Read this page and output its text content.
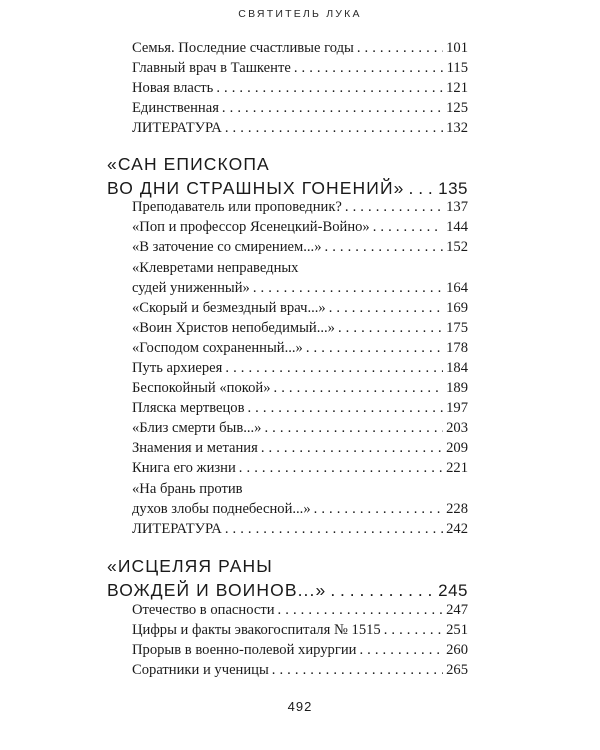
СВЯТИТЕЛЬ ЛУКА
Семья. Последние счастливые годы . . .	101
Главный врач в Ташкенте . . .	115
Новая власть . . .	121
Единственная . . .	125
ЛИТЕРАТУРА . . .	132
«САН ЕПИСКОПА
ВО ДНИ СТРАШНЫХ ГОНЕНИЙ» . . . 135
Преподаватель или проповедник? . . .	137
«Поп и профессор Ясенецкий-Войно» . . .	144
«В заточение со смирением...» . . .	152
«Клевретами неправедных
судей униженный» . . .	164
«Скорый и безмездный врач...» . . .	169
«Воин Христов непобедимый...» . . .	175
«Господом сохраненный...» . . .	178
Путь архиерея . . .	184
Беспокойный «покой» . . .	189
Пляска мертвецов . . .	197
«Близ смерти быв...» . . .	203
Знамения и метания . . .	209
Книга его жизни . . .	221
«На брань против
духов злобы поднебесной...» . . .	228
ЛИТЕРАТУРА . . .	242
«ИСЦЕЛЯЯ РАНЫ
ВОЖДЕЙ И ВОИНОВ...» . . .	245
Отечество в опасности . . .	247
Цифры и факты эвакогоспиталя № 1515 . . .	251
Прорыв в военно-полевой хирургии . . .	260
Соратники и ученицы . . .	265
492
